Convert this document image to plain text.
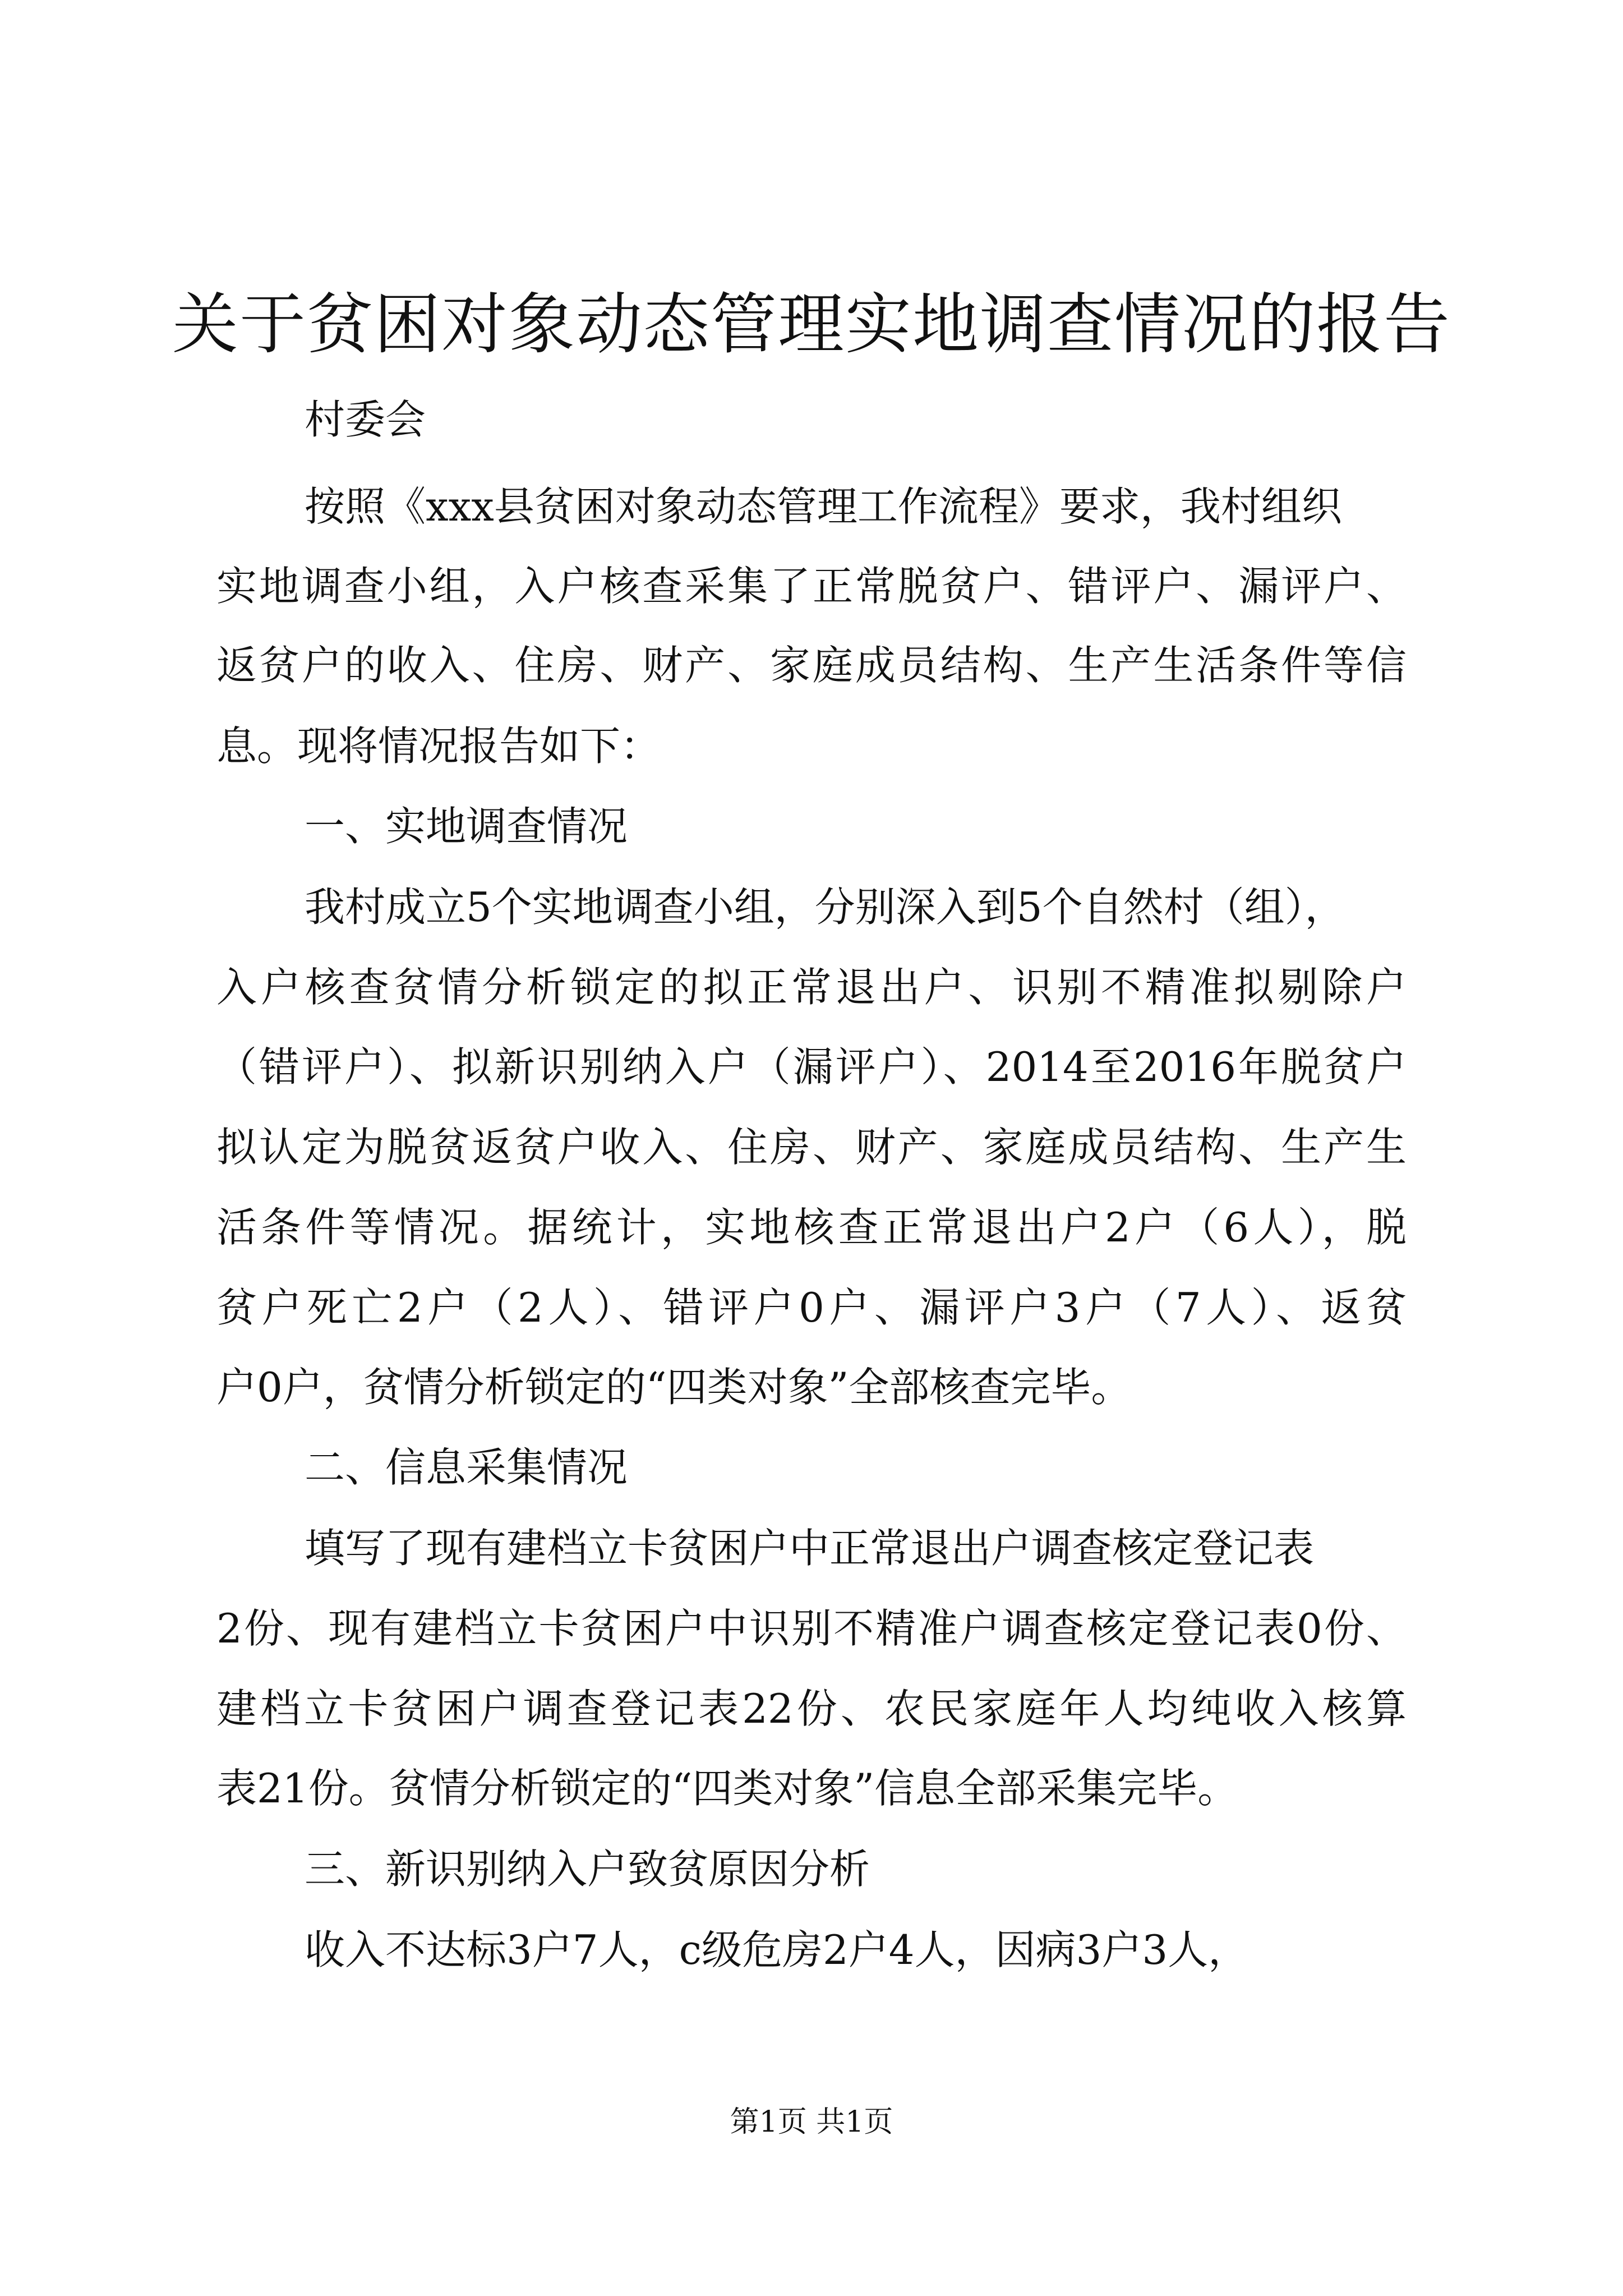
关于贫困对象动态管理实地调查情况的报告
村委会
按照《xxx县贫困对象动态管理工作流程》要求，我村组织
实地调查小组，入户核查采集了正常脱贫户、错评户、漏评户、
返贫户的收入、住房、财产、家庭成员结构、生产生活条件等信
息。现将情况报告如下：
一、实地调查情况
我村成立5个实地调查小组，分别深入到5个自然村（组），
入户核查贫情分析锁定的拟正常退出户、识别不精准拟剔除户
（错评户）、拟新识别纳入户（漏评户）、2014至2016年脱贫户
拟认定为脱贫返贫户收入、住房、财产、家庭成员结构、生产生
活条件等情况。据统计，实地核查正常退出户2户（6人），脱
贫户死亡2户（2人）、错评户0户、漏评户3户（7人）、返贫
户0户，贫情分析锁定的“四类对象”全部核查完毕。
二、信息采集情况
填写了现有建档立卡贫困户中正常退出户调查核定登记表
2份、现有建档立卡贫困户中识别不精准户调查核定登记表0份、
建档立卡贫困户调查登记表22份、农民家庭年人均纯收入核算
表21份。贫情分析锁定的“四类对象”信息全部采集完毕。
三、新识别纳入户致贫原因分析
收入不达标3户7人，c级危房2户4人，因病3户3人，
第1页 共1页
